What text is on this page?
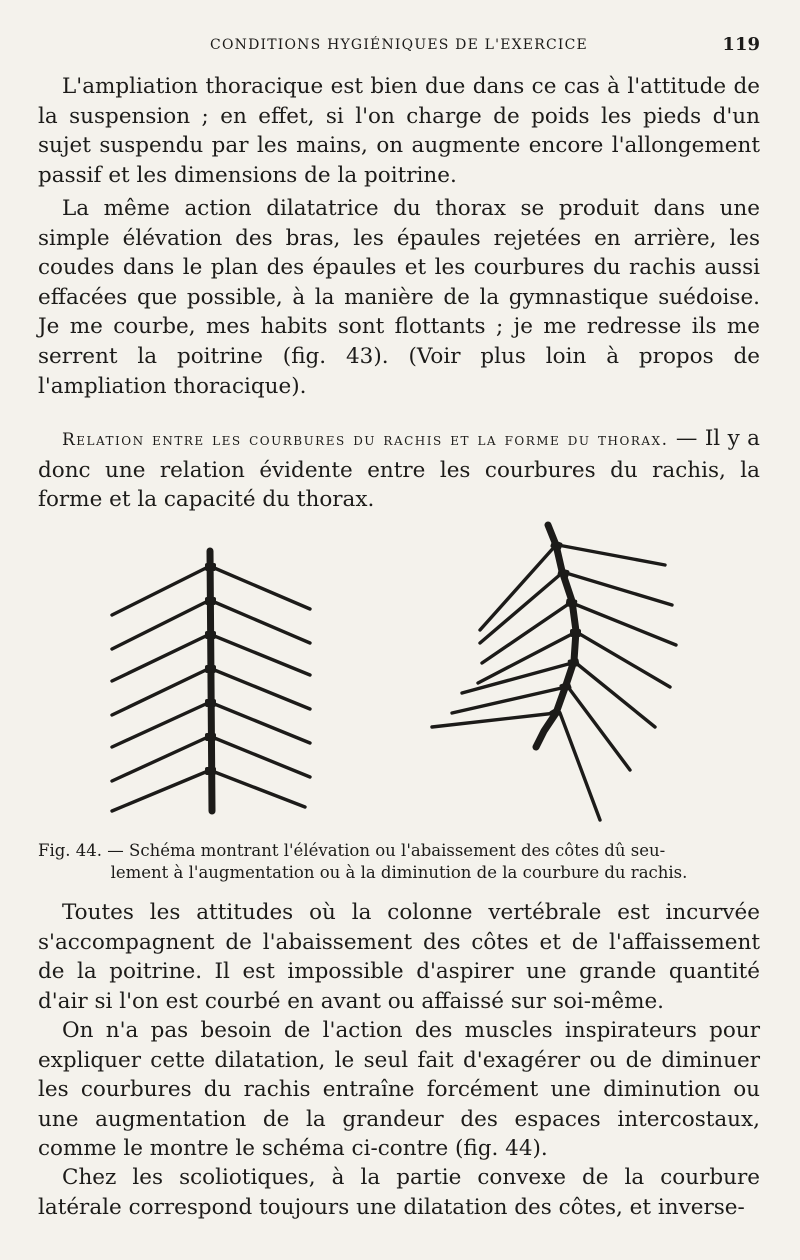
CONDITIONS HYGIÉNIQUES DE L'EXERCICE	119

L'ampliation thoracique est bien due dans ce cas à l'attitude de la suspension ; en effet, si l'on charge de poids les pieds d'un sujet suspendu par les mains, on augmente encore l'allongement passif et les dimensions de la poitrine.

La même action dilatatrice du thorax se produit dans une simple élévation des bras, les épaules rejetées en arrière, les coudes dans le plan des épaules et les courbures du rachis aussi effacées que possible, à la manière de la gymnastique suédoise. Je me courbe, mes habits sont flottants ; je me redresse ils me serrent la poitrine (fig. 43). (Voir plus loin à propos de l'ampliation thoracique).

Relation entre les courbures du rachis et la forme du thorax. — Il y a donc une relation évidente entre les courbures du rachis, la forme et la capacité du thorax.

Fig. 44. — Schéma montrant l'élévation ou l'abaissement des côtes dû seu-
lement à l'augmentation ou à la diminution de la courbure du rachis.

Toutes les attitudes où la colonne vertébrale est incurvée s'accompagnent de l'abaissement des côtes et de l'affaissement de la poitrine. Il est impossible d'aspirer une grande quantité d'air si l'on est courbé en avant ou affaissé sur soi-même.

On n'a pas besoin de l'action des muscles inspirateurs pour expliquer cette dilatation, le seul fait d'exagérer ou de diminuer les courbures du rachis entraîne forcément une diminution ou une augmentation de la grandeur des espaces intercostaux, comme le montre le schéma ci-contre (fig. 44).

Chez les scoliotiques, à la partie convexe de la courbure latérale correspond toujours une dilatation des côtes, et inverse-
